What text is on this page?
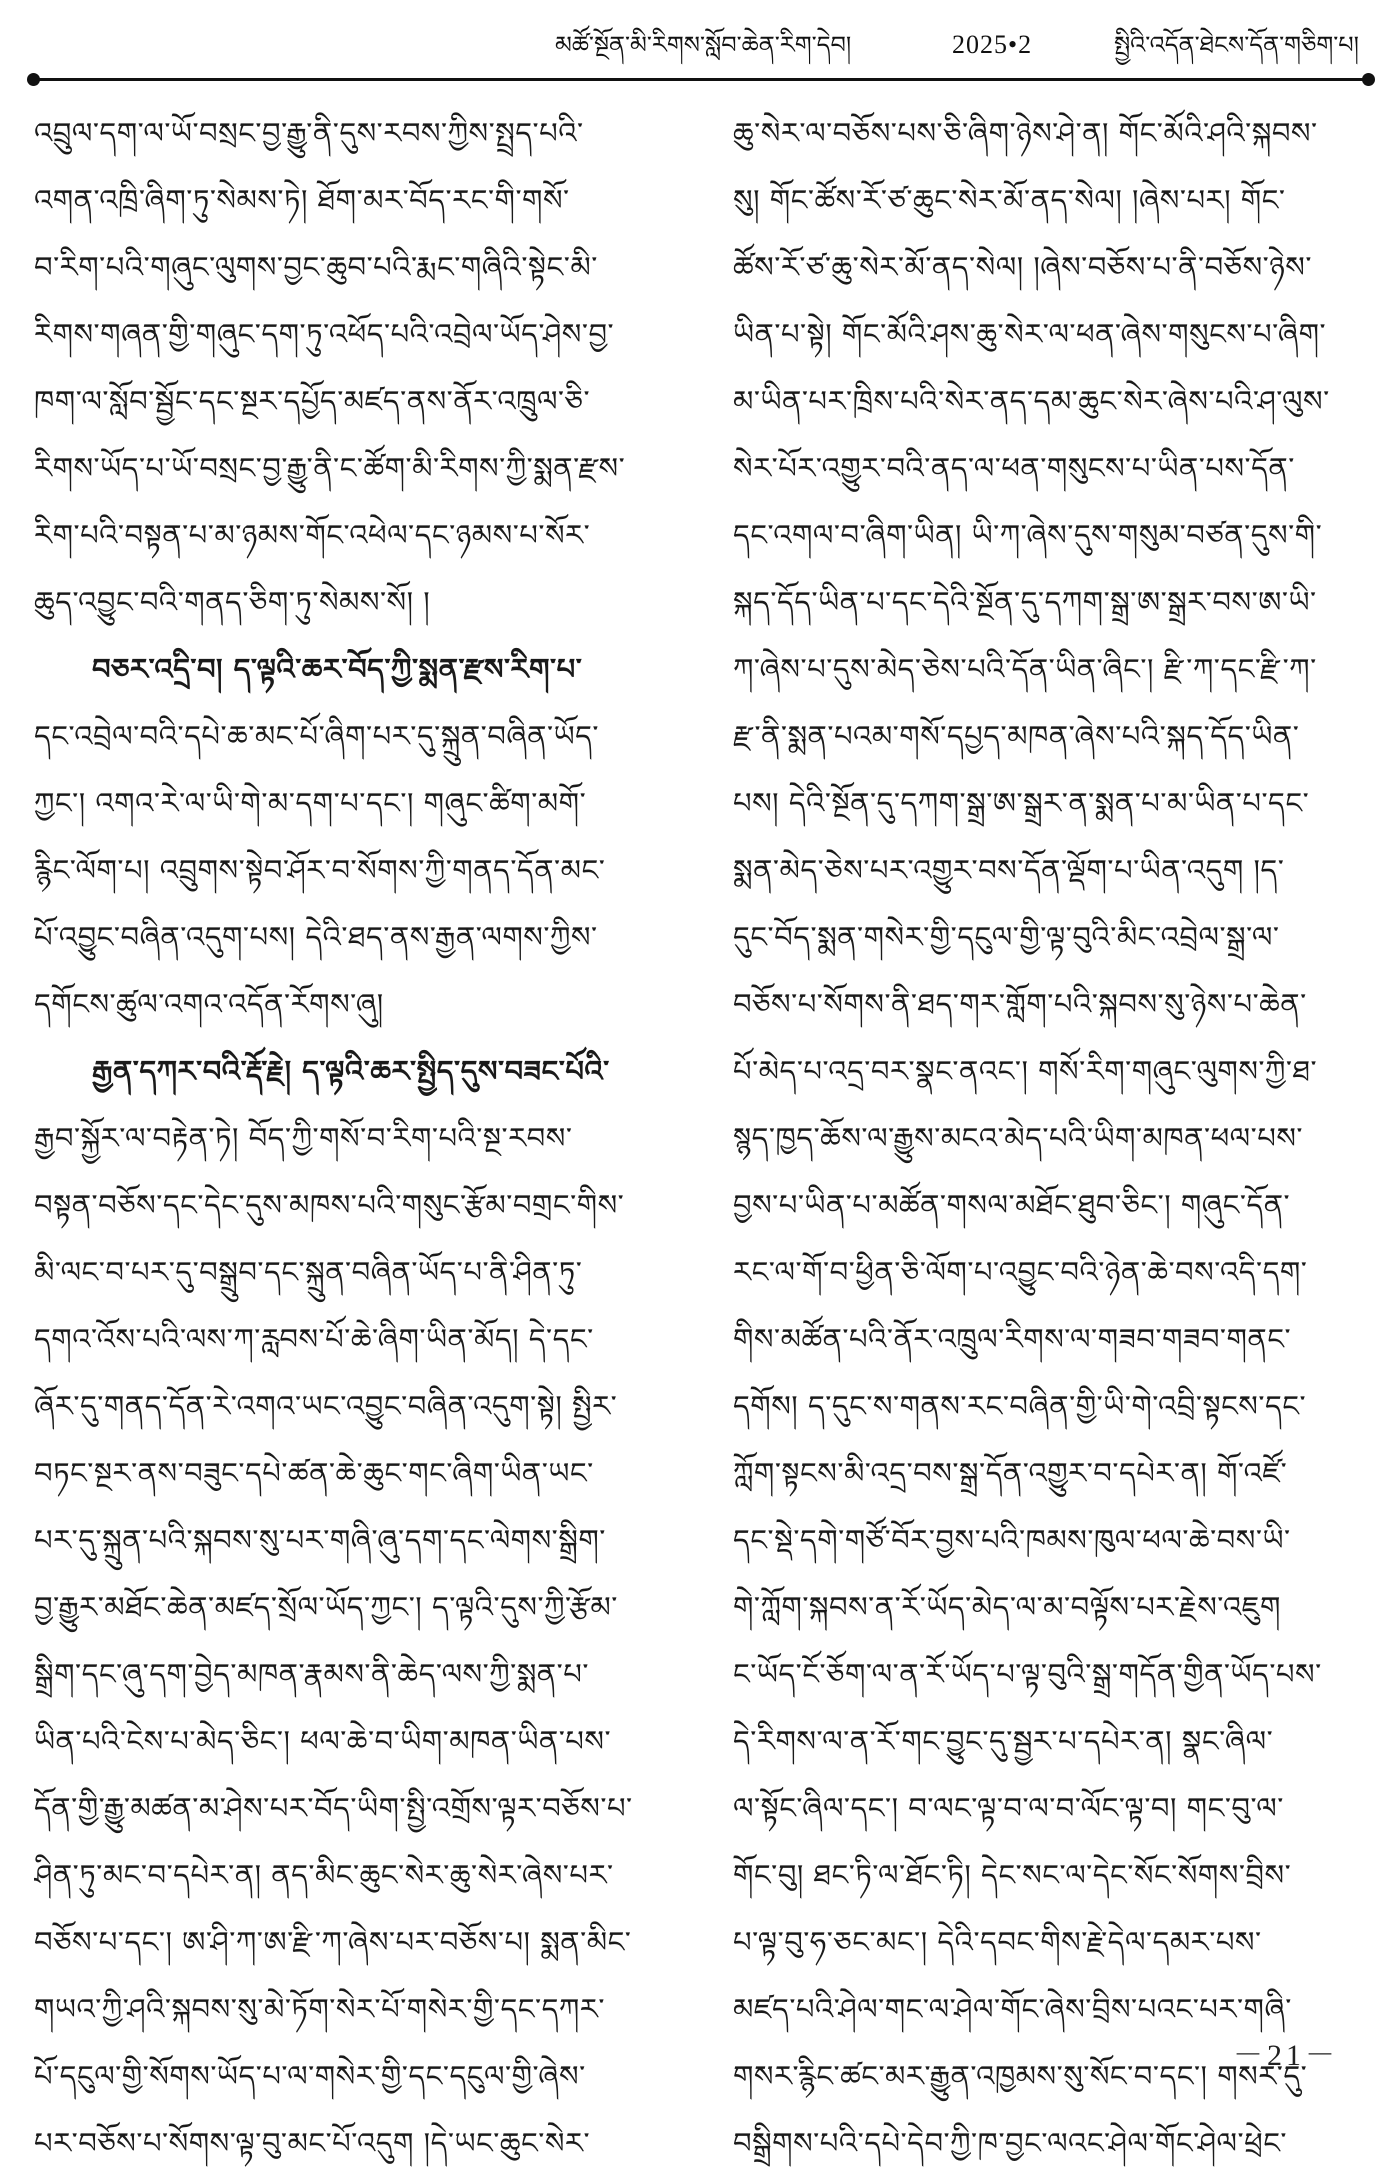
མཚོ་སྔོན་མི་རིགས་སློབ་ཆེན་རིག་དེབ།	2025•2	སྤྱིའི་འདོན་ཐེངས་དོན་གཅིག་པ།
འབྲུལ་དག་ལ་ཡོ་བསྲང་བྱ་རྒྱུ་ནི་དུས་རབས་ཀྱིས་སྤྲད་པའི་
འགན་འཁྲི་ཞིག་ཏུ་སེམས་ཏེ། ཐོག་མར་བོད་རང་གི་གསོ་
བ་རིག་པའི་གཞུང་ལུགས་བྱང་ཆུབ་པའི་རྨང་གཞིའི་སྟེང་མི་
རིགས་གཞན་གྱི་གཞུང་དག་ཏུ་འཕོད་པའི་འབྲེལ་ཡོད་ཤེས་བྱ་
ཁག་ལ་སློབ་སྦྱོང་དང་སྔར་དཔྱོད་མཛད་ནས་ནོར་འཁྲུལ་ཅི་
རིགས་ཡོད་པ་ཡོ་བསྲང་བྱ་རྒྱུ་ནི་ང་ཚོག་མི་རིགས་ཀྱི་སྨན་རྫས་
རིག་པའི་བསྟན་པ་མ་ཉམས་གོང་འཕེལ་དང་ཉམས་པ་སོར་
ཆུད་འབྱུང་བའི་གནད་ཅིག་ཏུ་སེམས་སོ། །
བཅར་འདྲི་བ། ད་ལྟའི་ཆར་བོད་ཀྱི་སྨན་རྫས་རིག་པ་
དང་འབྲེལ་བའི་དཔེ་ཆ་མང་པོ་ཞིག་པར་དུ་སྐྲུན་བཞིན་ཡོད་
ཀྱང་། འགའ་རེ་ལ་ཡི་གེ་མ་དག་པ་དང་། གཞུང་ཚིག་མགོ་
རྙིང་ལོག་པ། འབྲུགས་སྟེབ་ཤོར་བ་སོགས་ཀྱི་གནད་དོན་མང་
པོ་འབྱུང་བཞིན་འདུག་པས། དེའི་ཐད་ནས་རྒྱན་ལགས་ཀྱིས་
དགོངས་ཚུལ་འགའ་འདོན་རོགས་ཞུ།
རྒྱན་དཀར་བའི་རྡོ་རྗེ། ད་ལྟའི་ཆར་སྤྱིད་དུས་བཟང་པོའི་
རྒྱབ་སྐྱོར་ལ་བརྟེན་ཏེ། བོད་ཀྱི་གསོ་བ་རིག་པའི་སྔ་རབས་
བསྟན་བཅོས་དང་དེང་དུས་མཁས་པའི་གསུང་རྩོམ་བགྲང་གིས་
མི་ལང་བ་པར་དུ་བསྒྲུབ་དང་སྐྲུན་བཞིན་ཡོད་པ་ནི་ཤིན་ཏུ་
དགའ་འོས་པའི་ལས་ཀ་རླབས་པོ་ཆེ་ཞིག་ཡིན་མོད། དེ་དང་
ཞོར་དུ་གནད་དོན་རེ་འགའ་ཡང་འབྱུང་བཞིན་འདུག་སྟེ། སྤྱིར་
བཏང་སྔར་ནས་བཟུང་དཔེ་ཚན་ཆེ་ཆུང་གང་ཞིག་ཡིན་ཡང་
པར་དུ་སྐྲུན་པའི་སྐབས་སུ་པར་གཞི་ཞུ་དག་དང་ལེགས་སྒྲིག་
བྱ་རྒྱུར་མཐོང་ཆེན་མཛད་སྲོལ་ཡོད་ཀྱང་། ད་ལྟའི་དུས་ཀྱི་རྩོམ་
སྒྲིག་དང་ཞུ་དག་བྱེད་མཁན་རྣམས་ནི་ཆེད་ལས་ཀྱི་སྨན་པ་
ཡིན་པའི་ངེས་པ་མེད་ཅིང་། ཕལ་ཆེ་བ་ཡིག་མཁན་ཡིན་པས་
དོན་གྱི་རྒྱུ་མཚན་མ་ཤེས་པར་བོད་ཡིག་སྤྱི་འགྲོས་ལྟར་བཅོས་པ་
ཤིན་ཏུ་མང་བ་དཔེར་ན། ནད་མིང་ཆུང་སེར་ཆུ་སེར་ཞེས་པར་
བཅོས་པ་དང་། ཨ་ཤི་ཀ་ཨ་རྫི་ཀ་ཞེས་པར་བཅོས་པ། སྨན་མིང་
གཡའ་ཀྱི་ཤའི་སྐབས་སུ་མེ་ཏོག་སེར་པོ་གསེར་གྱི་དང་དཀར་
པོ་དངུལ་གྱི་སོགས་ཡོད་པ་ལ་གསེར་གྱི་དང་དངུལ་གྱི་ཞེས་
པར་བཅོས་པ་སོགས་ལྟ་བུ་མང་པོ་འདུག །དེ་ཡང་ཆུང་སེར་
ཆུ་སེར་ལ་བཅོས་པས་ཅི་ཞིག་ཉེས་ཤེ་ན། གོང་མོའི་ཤའི་སྐབས་
སུ། གོང་ཚོས་རོ་ཙ་ཆུང་སེར་མོ་ནད་སེལ། །ཞེས་པར། གོང་
ཚོས་རོ་ཙ་ཆུ་སེར་མོ་ནད་སེལ། །ཞེས་བཅོས་པ་ནི་བཅོས་ཉེས་
ཡིན་པ་སྟེ། གོང་མོའི་ཤས་ཆུ་སེར་ལ་ཕན་ཞེས་གསུངས་པ་ཞིག་
མ་ཡིན་པར་ཁྲིས་པའི་སེར་ནད་དམ་ཆུང་སེར་ཞེས་པའི་ཤ་ལུས་
སེར་པོར་འགྱུར་བའི་ནད་ལ་ཕན་གསུངས་པ་ཡིན་པས་དོན་
དང་འགལ་བ་ཞིག་ཡིན། ཡི་ཀ་ཞེས་དུས་གསུམ་བཙན་དུས་གི་
སྐད་དོད་ཡིན་པ་དང་དེའི་སྔོན་དུ་དཀག་སྒྲ་ཨ་སྒྲར་བས་ཨ་ཡི་
ཀ་ཞེས་པ་དུས་མེད་ཅེས་པའི་དོན་ཡིན་ཞིང་། རྫི་ཀ་དང་རྫི་ཀ་
རྫ་ནི་སྨན་པའམ་གསོ་དཔྱད་མཁན་ཞེས་པའི་སྐད་དོད་ཡིན་
པས། དེའི་སྔོན་དུ་དཀག་སྒྲ་ཨ་སྒྲར་ན་སྨན་པ་མ་ཡིན་པ་དང་
སྨན་མེད་ཅེས་པར་འགྱུར་བས་དོན་ལྡོག་པ་ཡིན་འདུག །ད་
དུང་བོད་སྨན་གསེར་གྱི་དངུལ་གྱི་ལྟ་བུའི་མིང་འབྲེལ་སྒྲ་ལ་
བཅོས་པ་སོགས་ནི་ཐད་གར་གློག་པའི་སྐབས་སུ་ཉེས་པ་ཆེན་
པོ་མེད་པ་འདྲ་བར་སྣང་ནའང་། གསོ་རིག་གཞུང་ལུགས་ཀྱི་ཐ་
སྙད་ཁྱད་ཆོས་ལ་རྒྱུས་མངའ་མེད་པའི་ཡིག་མཁན་ཕལ་པས་
བྱས་པ་ཡིན་པ་མཚོན་གསལ་མཐོང་ཐུབ་ཅིང་། གཞུང་དོན་
རང་ལ་གོ་བ་ཕྱིན་ཅི་ལོག་པ་འབྱུང་བའི་ཉེན་ཆེ་བས་འདི་དག་
གིས་མཚོན་པའི་ནོར་འཁྲུལ་རིགས་ལ་གཟབ་གཟབ་གནང་
དགོས། ད་དུང་ས་གནས་རང་བཞིན་གྱི་ཡི་གེ་འབྲི་སྟངས་དང་
ཀློག་སྟངས་མི་འདྲ་བས་སྒྲ་དོན་འགྱུར་བ་དཔེར་ན། གོ་འཛོ་
དང་སྡེ་དགེ་གཙོ་བོར་བྱས་པའི་ཁམས་ཁུལ་ཕལ་ཆེ་བས་ཡི་
གེ་ཀློག་སྐབས་ན་རོ་ཡོད་མེད་ལ་མ་བལྟོས་པར་རྗེས་འཇུག
ང་ཡོད་ངོ་ཅོག་ལ་ན་རོ་ཡོད་པ་ལྟ་བུའི་སྒྲ་གདོན་གྱིན་ཡོད་པས་
དེ་རིགས་ལ་ན་རོ་གང་བྱུང་དུ་སྦྱར་པ་དཔེར་ན། སྣང་ཞིལ་
ལ་སྟོང་ཞིལ་དང་། བ་ལང་ལྟ་བ་ལ་བ་ལོང་ལྟ་བ། གང་བུ་ལ་
གོང་བུ། ཐང་ཏི་ལ་ཐོང་ཏི། དེང་སང་ལ་དེང་སོང་སོགས་བྲིས་
པ་ལྟ་བུ་ཧ་ཅང་མང་། དེའི་དབང་གིས་རྗེ་དེལ་དམར་པས་
མཛད་པའི་ཤེལ་གང་ལ་ཤེལ་གོང་ཞེས་བྲིས་པའང་པར་གཞི་
གསར་རྙིང་ཚང་མར་རྒྱུན་འཁྱམས་སུ་སོང་བ་དང་། གསར་དུ་
བསྒྲིགས་པའི་དཔེ་དེབ་ཀྱི་ཁ་བྱང་ལའང་ཤེལ་གོང་ཤེལ་ཕྲེང་
－21－
